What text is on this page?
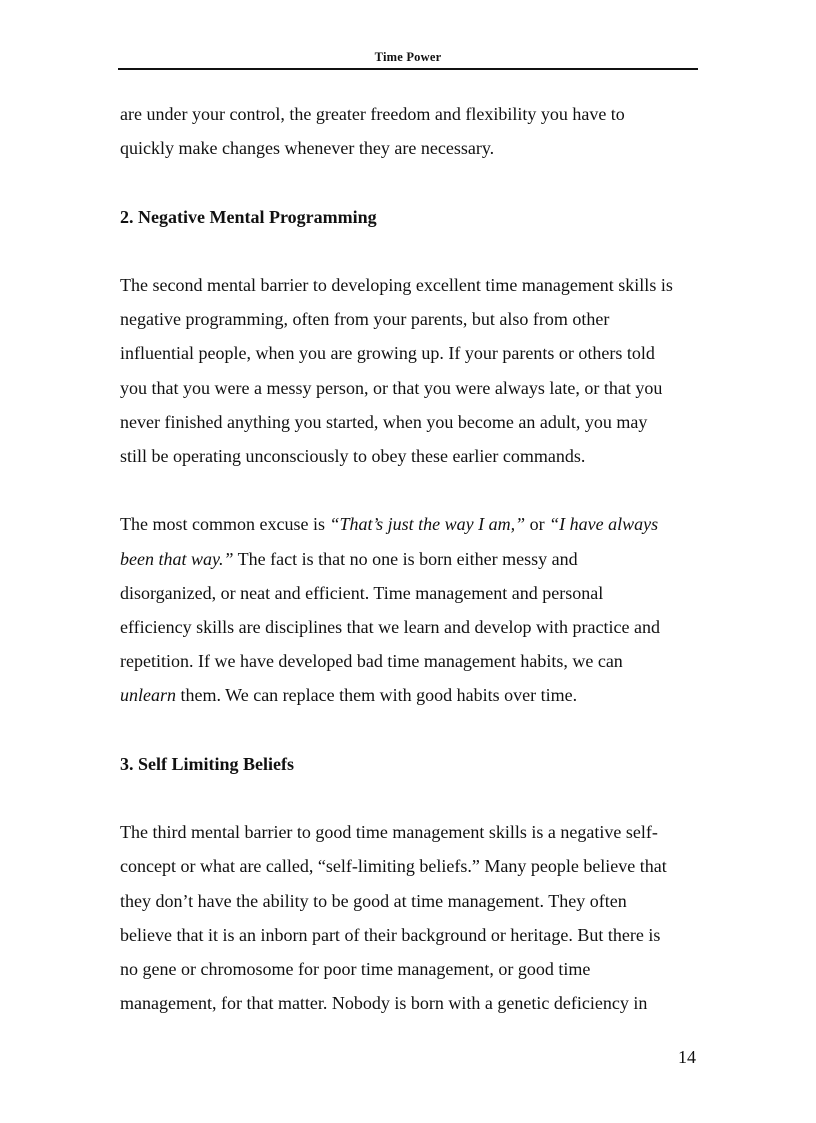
Time Power

are under your control, the greater freedom and flexibility you have to
quickly make changes whenever they are necessary.

2. Negative Mental Programming

The second mental barrier to developing excellent time management skills is
negative programming, often from your parents, but also from other
influential people, when you are growing up. If your parents or others told
you that you were a messy person, or that you were always late, or that you
never finished anything you started, when you become an adult, you may
still be operating unconsciously to obey these earlier commands.

The most common excuse is “That’s just the way I am,” or “I have always
been that way.” The fact is that no one is born either messy and
disorganized, or neat and efficient. Time management and personal
efficiency skills are disciplines that we learn and develop with practice and
repetition. If we have developed bad time management habits, we can
unlearn them. We can replace them with good habits over time.

3. Self Limiting Beliefs

The third mental barrier to good time management skills is a negative self-
concept or what are called, “self-limiting beliefs.” Many people believe that
they don’t have the ability to be good at time management. They often
believe that it is an inborn part of their background or heritage. But there is
no gene or chromosome for poor time management, or good time
management, for that matter. Nobody is born with a genetic deficiency in

14
